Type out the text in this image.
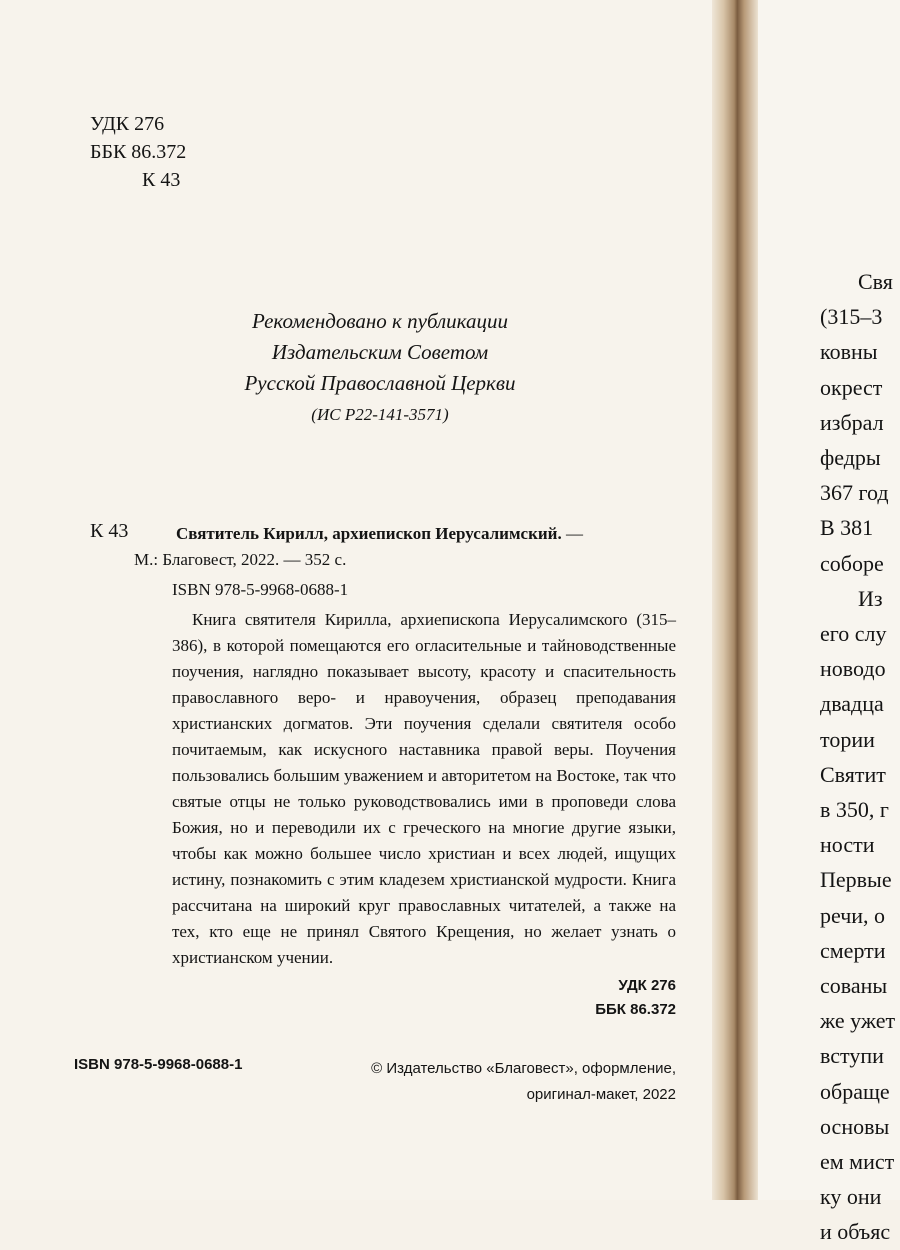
УДК 276
ББК 86.372
К 43
Рекомендовано к публикации
Издательским Советом
Русской Православной Церкви
(ИС Р22-141-3571)
К 43	Святитель Кирилл, архиепископ Иерусалимский. —
М.: Благовест, 2022. — 352 с.
ISBN 978-5-9968-0688-1

Книга святителя Кирилла, архиепископа Иерусалимского (315–386), в которой помещаются его огласительные и тайноводственные поучения, наглядно показывает высоту, красоту и спасительность православного веро- и нравоучения, образец преподавания христианских догматов. Эти поучения сделали святителя особо почитаемым, как искусного наставника правой веры. Поучения пользовались большим уважением и авторитетом на Востоке, так что святые отцы не только руководствовались ими в проповеди слова Божия, но и переводили их с греческого на многие другие языки, чтобы как можно большее число христиан и всех людей, ищущих истину, познакомить с этим кладезем христианской мудрости. Книга рассчитана на широкий круг православных читателей, а также на тех, кто еще не принял Святого Крещения, но желает узнать о христианском учении.

УДК 276
ББК 86.372
ISBN 978-5-9968-0688-1	© Издательство «Благовест», оформление,
оригинал-макет, 2022
Свя
(315–3
ковны
окрест
избрал
федры
367 год
В 381
соборе
Из
его слу
новодо
двадца
тории
Святит
в 350, г
ности
Первые
речи, о
смерти
сованы
же ужет
вступи
обраще
основы
ем мист
ку они
и объяс
